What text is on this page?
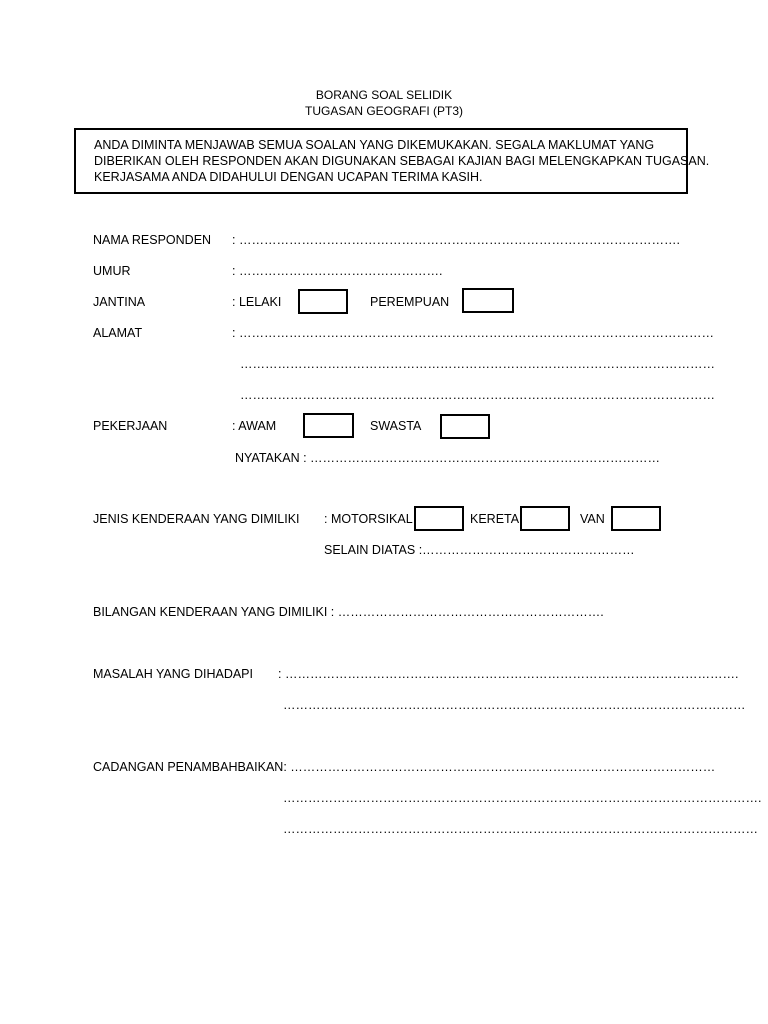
BORANG SOAL SELIDIK
TUGASAN GEOGRAFI (PT3)
ANDA DIMINTA MENJAWAB SEMUA SOALAN YANG DIKEMUKAKAN. SEGALA MAKLUMAT YANG
DIBERIKAN OLEH RESPONDEN AKAN DIGUNAKAN SEBAGAI KAJIAN BAGI MELENGKAPKAN TUGASAN.
KERJASAMA ANDA DIDAHULUI DENGAN UCAPAN TERIMA KASIH.
NAMA RESPONDEN : …………………………………………………………………………………………….
UMUR	: ………………………………………….
JANTINA	: LELAKI	PEREMPUAN
ALAMAT	: ……………………………………………………………………………………………………
……………………………………………………………………………………………………
……………………………………………………………………………………………………
PEKERJAAN	: AWAM	SWASTA
NYATAKAN : …………………………………………………………………………
JENIS KENDERAAN YANG DIMILIKI : MOTORSIKAL	KERETA	VAN
SELAIN DIATAS :……………………………………………
BILANGAN KENDERAAN YANG DIMILIKI : ……………………………………………………….
MASALAH YANG DIHADAPI : ……………………………………………………………………………………………….
…………………………………………………………………………………………………
CADANGAN PENAMBAHBAIKAN: …………………………………………………………………………………………
…………………………………………………………………………………………………….
……………………………………………………………………………………………………
